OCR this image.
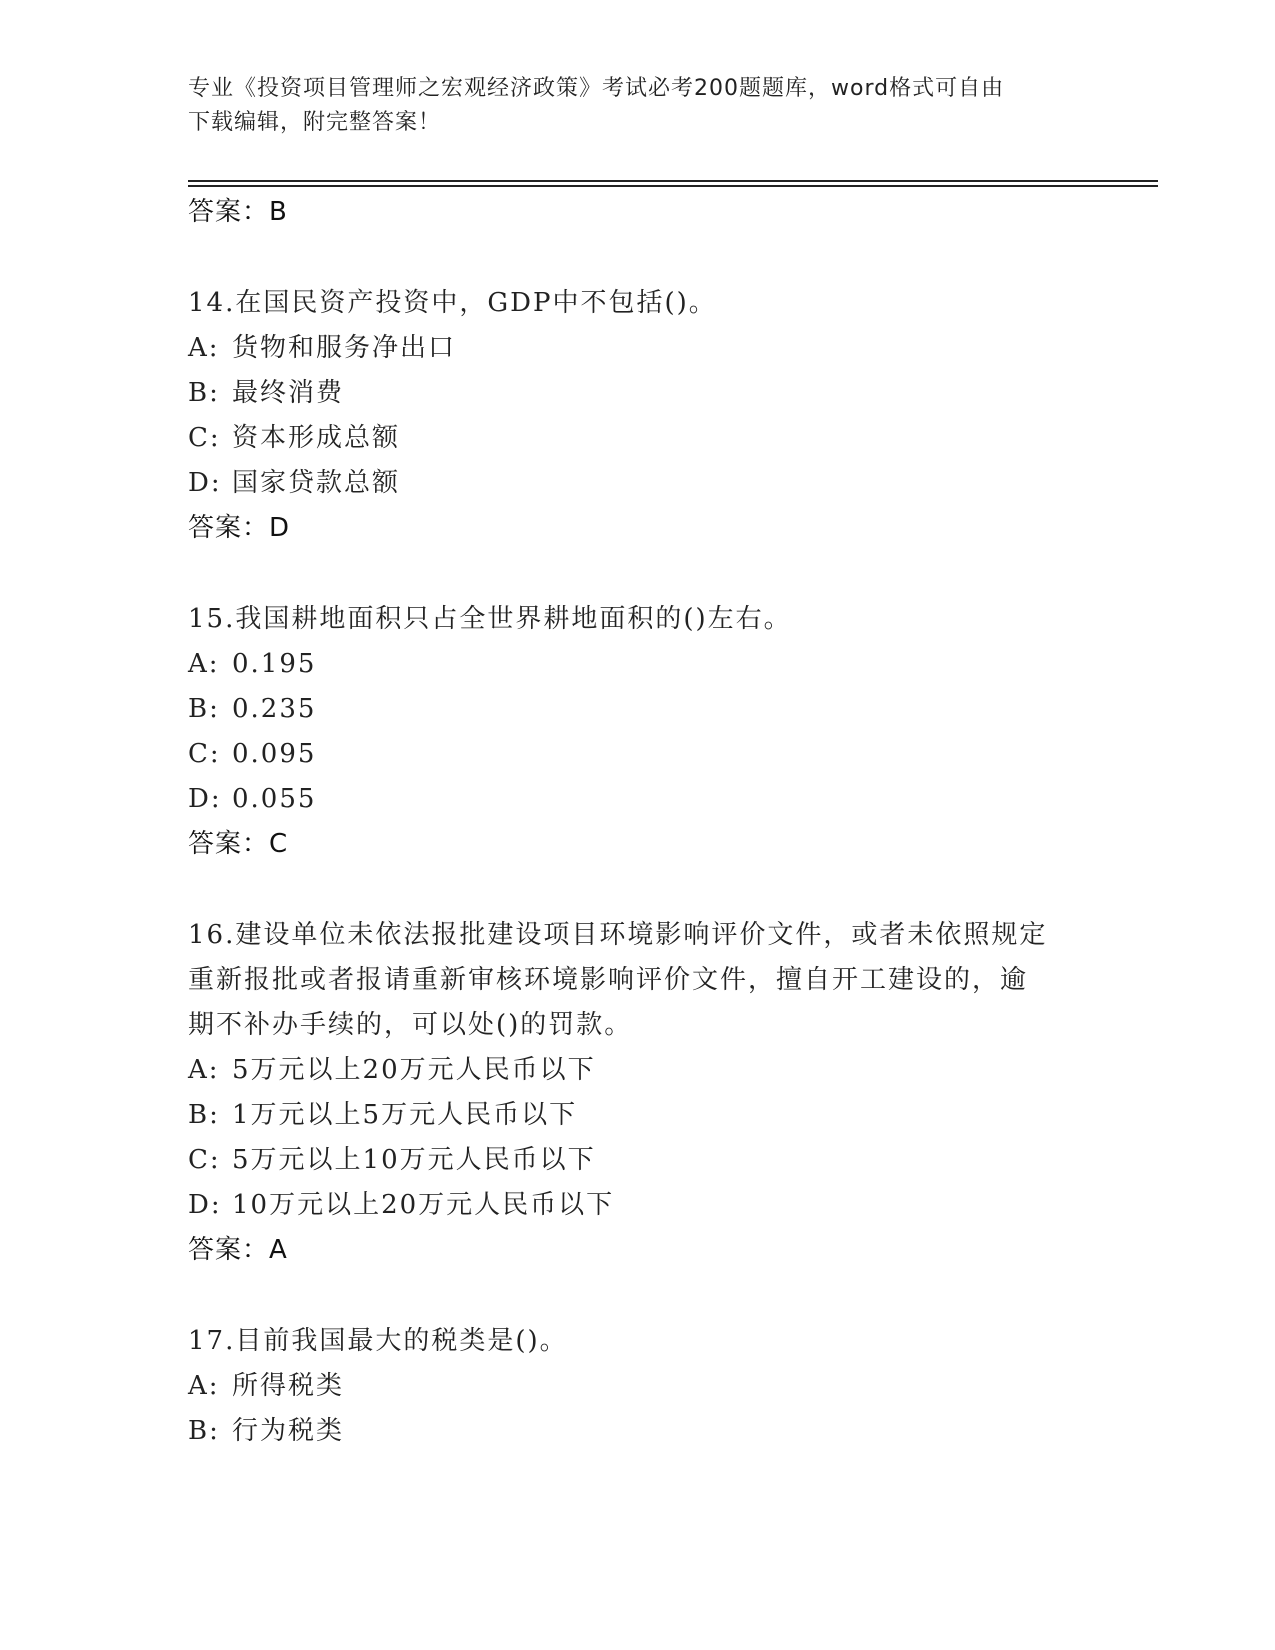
专业《投资项目管理师之宏观经济政策》考试必考200题题库，word格式可自由
下载编辑，附完整答案！
答案：B
14.在国民资产投资中，GDP中不包括()。
A: 货物和服务净出口
B: 最终消费
C: 资本形成总额
D: 国家贷款总额
答案：D
15.我国耕地面积只占全世界耕地面积的()左右。
A: 0.195
B: 0.235
C: 0.095
D: 0.055
答案：C
16.建设单位未依法报批建设项目环境影响评价文件，或者未依照规定
重新报批或者报请重新审核环境影响评价文件，擅自开工建设的，逾
期不补办手续的，可以处()的罚款。
A: 5万元以上20万元人民币以下
B: 1万元以上5万元人民币以下
C: 5万元以上10万元人民币以下
D: 10万元以上20万元人民币以下
答案：A
17.目前我国最大的税类是()。
A: 所得税类
B: 行为税类
